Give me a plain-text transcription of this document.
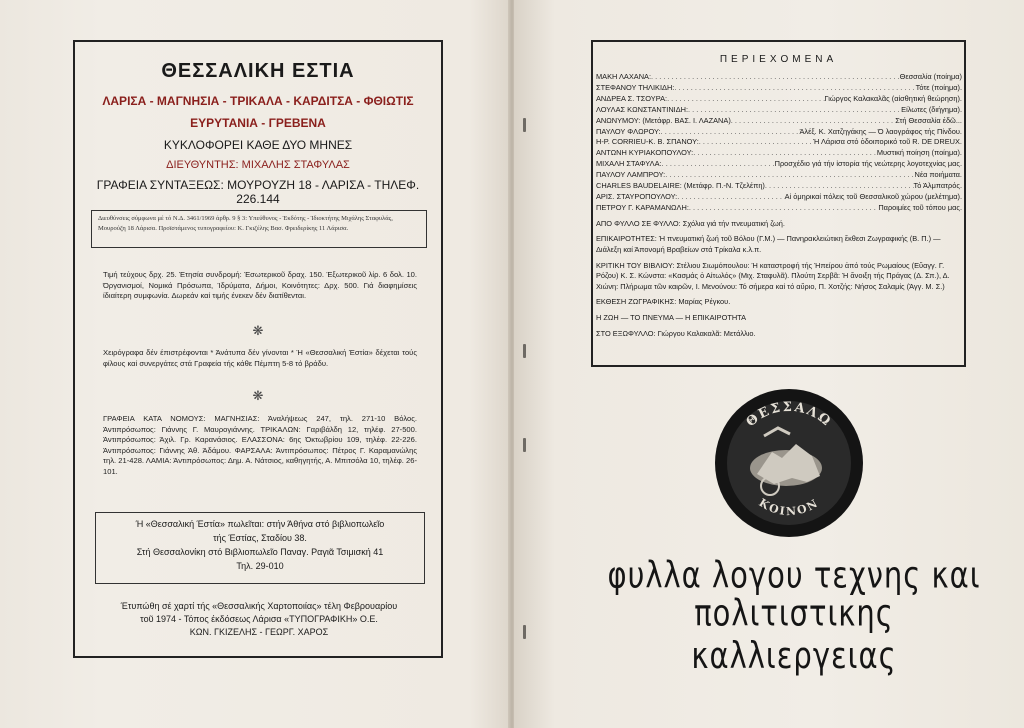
ΘΕΣΣΑΛΙΚΗ ΕΣΤΙΑ
ΛΑΡΙΣΑ - ΜΑΓΝΗΣΙΑ - ΤΡΙΚΑΛΑ - ΚΑΡΔΙΤΣΑ - ΦΘΙΩΤΙΣ
ΕΥΡΥΤΑΝΙΑ - ΓΡΕΒΕΝΑ
ΚΥΚΛΟΦΟΡΕΙ ΚΑΘΕ ΔΥΟ ΜΗΝΕΣ
ΔΙΕΥΘΥΝΤΗΣ: ΜΙΧΑΛΗΣ ΣΤΑΦΥΛΑΣ
ΓΡΑΦΕΙΑ ΣΥΝΤΑΞΕΩΣ: ΜΟΥΡΟΥΖΗ 18 - ΛΑΡΙΣΑ - ΤΗΛΕΦ. 226.144
Διευθύνσεις σύμφωνα μέ τό Ν.Δ. 3461/1969 άρθρ. 9 § 3: Υπεύθυνος - Έκδότης - Ίδιοκτήτης Μιχάλης Σταφυλάς, Μουρούζη 18 Λάρισα. Προϊστάμενος τυπογραφείου: Κ. Γκιζέλης Βασ. Φρειδερίκης 11 Λάρισα.
Τιμή τεύχους δρχ. 25. Έτησία συνδρομή: Έσωτερικοῦ δραχ. 150. Έξωτερικοῦ λίρ. 6 δολ. 10. Όργανισμοί, Νομικά Πρόσωπα, Ίδρύματα, Δήμοι, Κοινότητες: Δρχ. 500. Γιά διαφημίσεις ίδιαίτερη συμφωνία. Δωρεάν καί τιμής ένεκεν δέν διατίθενται.
❋
Χειρόγραφα δέν έπιστρέφονται * Άνάτυπα δέν γίνονται * Ή «Θεσσαλική Έστία» δέχεται τούς φίλους καί συνεργάτες στά Γραφεία τής κάθε Πέμπτη 5-8 τό βράδυ.
❋
ΓΡΑΦΕΙΑ ΚΑΤΑ ΝΟΜΟΥΣ: ΜΑΓΝΗΣΙΑΣ: Άναλήψεως 247, τηλ. 271-10 Βόλος. Άντιπρόσωπος: Γιάννης Γ. Μαυρογιάννης. ΤΡΙΚΑΛΩΝ: Γαριβάλδη 12, τηλέφ. 27-500. Άντιπρόσωπος: Άχιλ. Γρ. Καρανάσιος. ΕΛΑΣΣΟΝΑ: 6ης Όκτωβρίου 109, τηλέφ. 22-226. Άντιπρόσωπος: Γιάννης Άθ. Άδάμου. ΦΑΡΣΑΛΑ: Άντιπρόσωπος: Πέτρος Γ. Καραμανώλης τηλ. 21-428. ΛΑΜΙΑ: Άντιπρόσωπος: Δημ. Α. Νάτσιος, καθηγητής, Α. Μπιτσόλα 10, τηλέφ. 26-101.
Ή «Θεσσαλική Έστία» πωλεῖται: στήν Άθήνα στό βιβλιοπωλεῖο
τής Έστίας, Σταδίου 38.
Στή Θεσσαλονίκη στό Βιβλιοπωλεῖο Παναγ. Ραγιᾶ Τσιμισκή 41
Τηλ. 29-010
Έτυπώθη σέ χαρτί τής «Θεσσαλικής Χαρτοποιίας» τέλη Φεβρουαρίου
τοῦ 1974 - Τόπος έκδόσεως Λάρισα «ΤΥΠΟΓΡΑΦΙΚΗ» Ο.Ε.
ΚΩΝ. ΓΚΙΖΕΛΗΣ - ΓΕΩΡΓ. ΧΑΡΟΣ
ΠΕΡΙΕΧΟΜΕΝΑ
ΜΑΚΗ ΛΑΧΑΝΑ: . . .	Θεσσαλία (ποίημα)
ΣΤΕΦΑΝΟΥ ΤΗΛΙΚΙΔΗ: . . .	Τότε (ποίημα).
ΑΝΔΡΕΑ Σ. ΤΣΟΥΡΑ: . . .	Γιώργος Καλακαλᾶς (αἰσθητική θεώρηση).
ΛΟΥΛΑΣ ΚΩΝΣΤΑΝΤΙΝΙΔΗ: . . .	Είλωτες (διήγημα).
ΑΝΩΝΥΜΟΥ: (Μετάφρ. ΒΑΣ. Ι. ΛΑΖΑΝΑ) . . .	Στή Θεσσαλία ἐδῶ...
ΠΑΥΛΟΥ ΦΛΩΡΟΥ: . . .	Άλέξ. Κ. Χατζηγάκης — Ό λαογράφος τής Πίνδου.
Η-Ρ. CORRIEU-Κ. Β. ΣΠΑΝΟΥ: . . .	Ή Λάρισα στό ὁδοιπορικό τοῦ R. DE DREUX.
ΑΝΤΩΝΗ ΚΥΡΙΑΚΟΠΟΥΛΟΥ: . . .	Μυστική ποίηση (ποίημα).
ΜΙΧΑΛΗ ΣΤΑΦΥΛΑ: . . .	Προσχέδιο γιά τήν ἱστορία τής νεώτερης λογοτεχνίας μας.
ΠΑΥΛΟΥ ΛΑΜΠΡΟΥ: . . .	Νέα ποιήματα.
CHARLES BAUDELAIRE: (Μετάφρ. Π.-Ν. Τζελέπη) . . .	Τό Άλμπατρός.
ΑΡΙΣ. ΣΤΑΥΡΟΠΟΥΛΟΥ: . . .	Αί ὁμηρικαί πόλεις τοῦ Θεσσαλικοῦ χώρου (μελέτημα).
ΠΕΤΡΟΥ Γ. ΚΑΡΑΜΑΝΩΛΗ: . . .	Παροιμίες τοῦ τόπου μας.
ΑΠΟ ΦΥΛΛΟ ΣΕ ΦΥΛΛΟ: Σχόλια γιά τήν πνευματική ζωή.
ΕΠΙΚΑΙΡΟΤΗΤΕΣ: Ή πνευματική ζωή τοῦ Βόλου (Γ.Μ.) — Πανηρακλειώτικη ἔκθεσι Ζωγραφικής (Β. Π.) — Διάλεξη καί Άπονομή Βραβείων στά Τρίκαλα κ.λ.π.
ΚΡΙΤΙΚΗ ΤΟΥ ΒΙΒΛΙΟΥ: Στέλιου Σιωμόπουλου: Ή καταστροφή τής Ήπείρου ἀπό τούς Ρωμαίους (Εὔαγγ. Γ. Ρόζου) Κ. Σ. Κώνστα: «Κασμάς ὁ Αἰτωλός» (Μιχ. Σταφυλᾶ). Πλούτη Σερβᾶ: Ή ἄνοιξη τής Πράγας (Δ. Σπ.), Δ. Χιώνη: Πλήρωμα τῶν καιρῶν, Ι. Μενούνου: Τό σήμερα καί τό αὔριο, Π. Χοτζής: Νήσος Σαλαμίς (Άγγ. Μ. Σ.)
ΕΚΘΕΣΗ ΖΩΓΡΑΦΙΚΗΣ: Μαρίας Ρέγκου.
Η ΖΩΗ — ΤΟ ΠΝΕΥΜΑ — Η ΕΠΙΚΑΙΡΟΤΗΤΑ
ΣΤΟ ΕΞΩΦΥΛΛΟ: Γιώργου Καλακαλᾶ: Μετάλλιο.
ΘΕΣΣΑΛΩ
ΚΟΙΝΟΝ
φυλλα λογου τεχνης και
πολιτιστικης καλλιεργειας
